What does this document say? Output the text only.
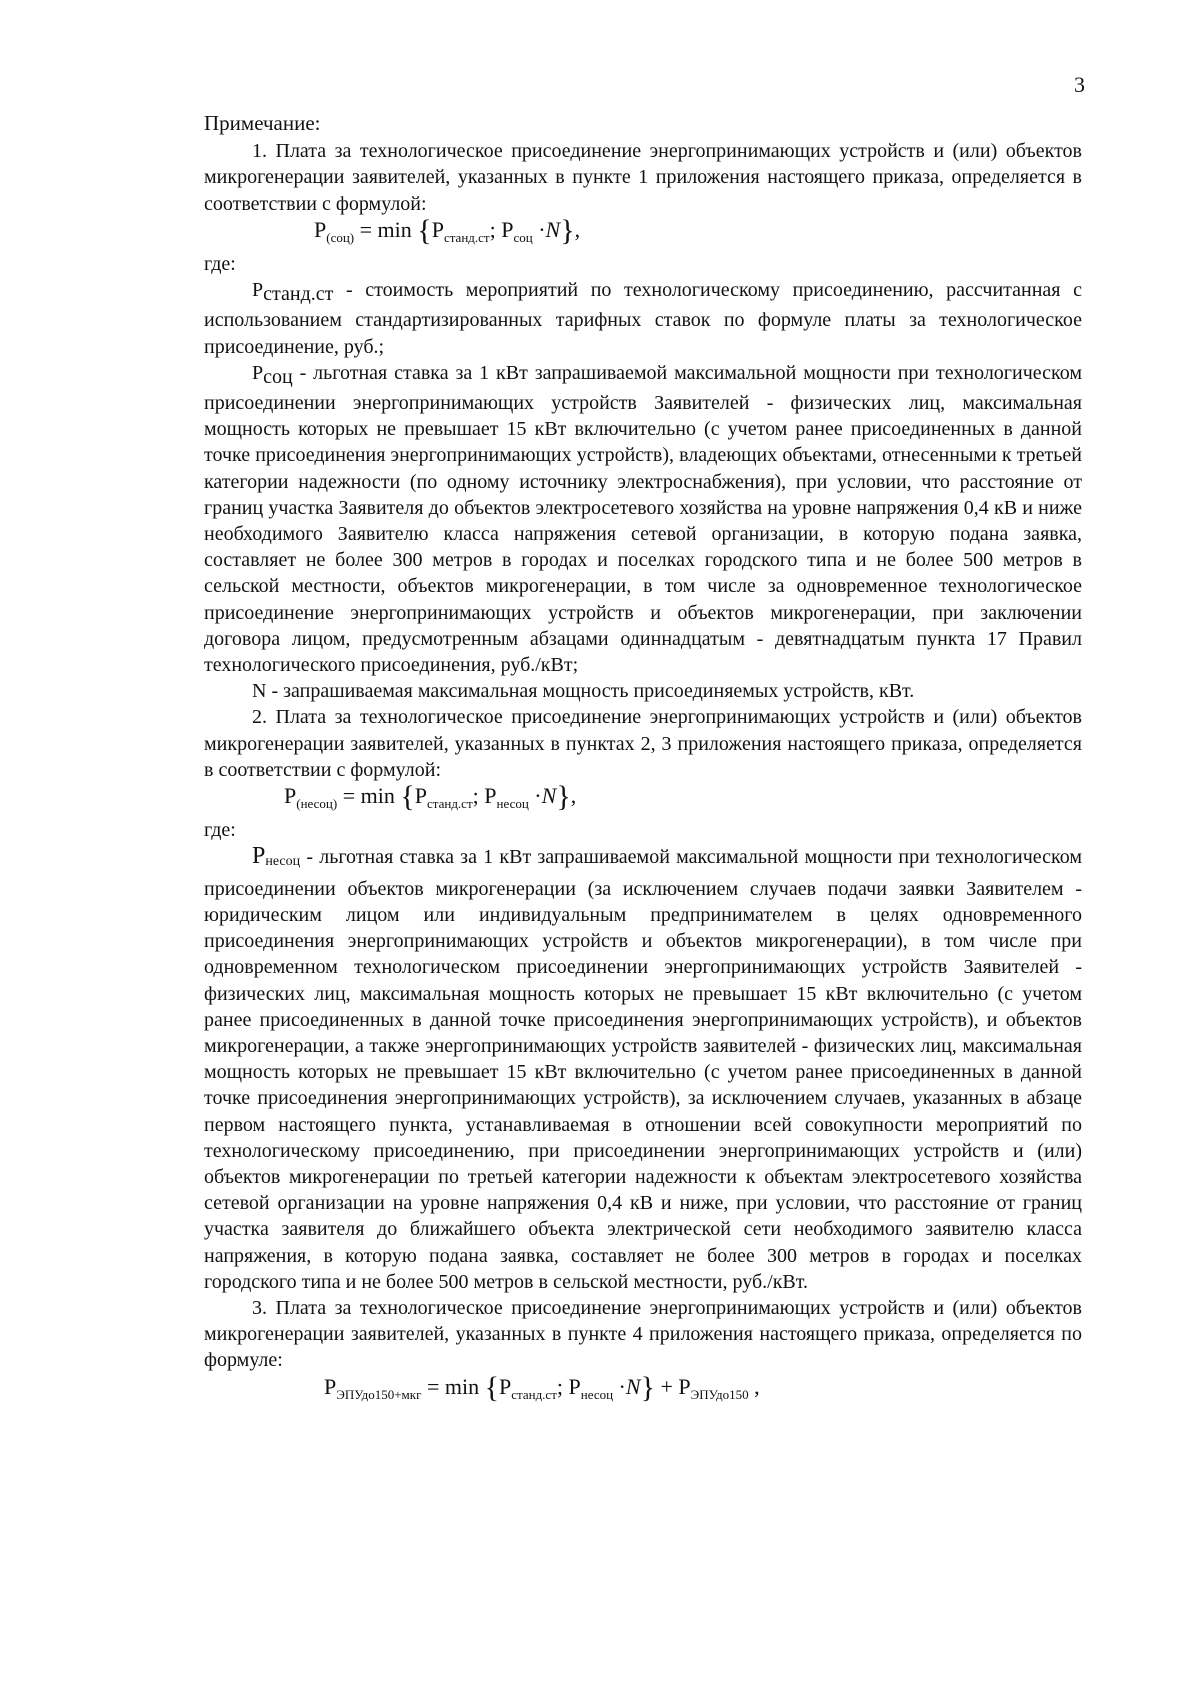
3

Примечание:

1. Плата за технологическое присоединение энергопринимающих устройств и (или) объектов микрогенерации заявителей, указанных в пункте 1 приложения настоящего приказа, определяется в соответствии с формулой:

$P_{(соц)} = \min \{P_{станд.ст}$; $P_{соц} \cdot N$},

где:

Pстанд.ст - стоимость мероприятий по технологическому присоединению, рассчитанная с использованием стандартизированных тарифных ставок по формуле платы за технологическое присоединение, руб.;

Pсоц - льготная ставка за 1 кВт запрашиваемой максимальной мощности при технологическом присоединении энергопринимающих устройств Заявителей - физических лиц, максимальная мощность которых не превышает 15 кВт включительно (с учетом ранее присоединенных в данной точке присоединения энергопринимающих устройств), владеющих объектами, отнесенными к третьей категории надежности (по одному источнику электроснабжения), при условии, что расстояние от границ участка Заявителя до объектов электросетевого хозяйства на уровне напряжения 0,4 кВ и ниже необходимого Заявителю класса напряжения сетевой организации, в которую подана заявка, составляет не более 300 метров в городах и поселках городского типа и не более 500 метров в сельской местности, объектов микрогенерации, в том числе за одновременное технологическое присоединение энергопринимающих устройств и объектов микрогенерации, при заключении договора лицом, предусмотренным абзацами одиннадцатым - девятнадцатым пункта 17 Правил технологического присоединения, руб./кВт;

N - запрашиваемая максимальная мощность присоединяемых устройств, кВт.

2. Плата за технологическое присоединение энергопринимающих устройств и (или) объектов микрогенерации заявителей, указанных в пунктах 2, 3 приложения настоящего приказа, определяется в соответствии с формулой:

$P_{(несоц)} = \min \{P_{станд.ст}$; $P_{несоц} \cdot N$},

где:

Pнесоц - льготная ставка за 1 кВт запрашиваемой максимальной мощности при технологическом присоединении объектов микрогенерации (за исключением случаев подачи заявки Заявителем - юридическим лицом или индивидуальным предпринимателем в целях одновременного присоединения энергопринимающих устройств и объектов микрогенерации), в том числе при одновременном технологическом присоединении энергопринимающих устройств Заявителей - физических лиц, максимальная мощность которых не превышает 15 кВт включительно (с учетом ранее присоединенных в данной точке присоединения энергопринимающих устройств), и объектов микрогенерации, а также энергопринимающих устройств заявителей - физических лиц, максимальная мощность которых не превышает 15 кВт включительно (с учетом ранее присоединенных в данной точке присоединения энергопринимающих устройств), за исключением случаев, указанных в абзаце первом настоящего пункта, устанавливаемая в отношении всей совокупности мероприятий по технологическому присоединению, при присоединении энергопринимающих устройств и (или) объектов микрогенерации по третьей категории надежности к объектам электросетевого хозяйства сетевой организации на уровне напряжения 0,4 кВ и ниже, при условии, что расстояние от границ участка заявителя до ближайшего объекта электрической сети необходимого заявителю класса напряжения, в которую подана заявка, составляет не более 300 метров в городах и поселках городского типа и не более 500 метров в сельской местности, руб./кВт.

3. Плата за технологическое присоединение энергопринимающих устройств и (или) объектов микрогенерации заявителей, указанных в пункте 4 приложения настоящего приказа, определяется по формуле:

$P_{ЭПУдо150+мкг} = \min \{P_{станд.ст}$; $P_{несоц} \cdot N\} + P_{ЭПУдо150}$ ,
